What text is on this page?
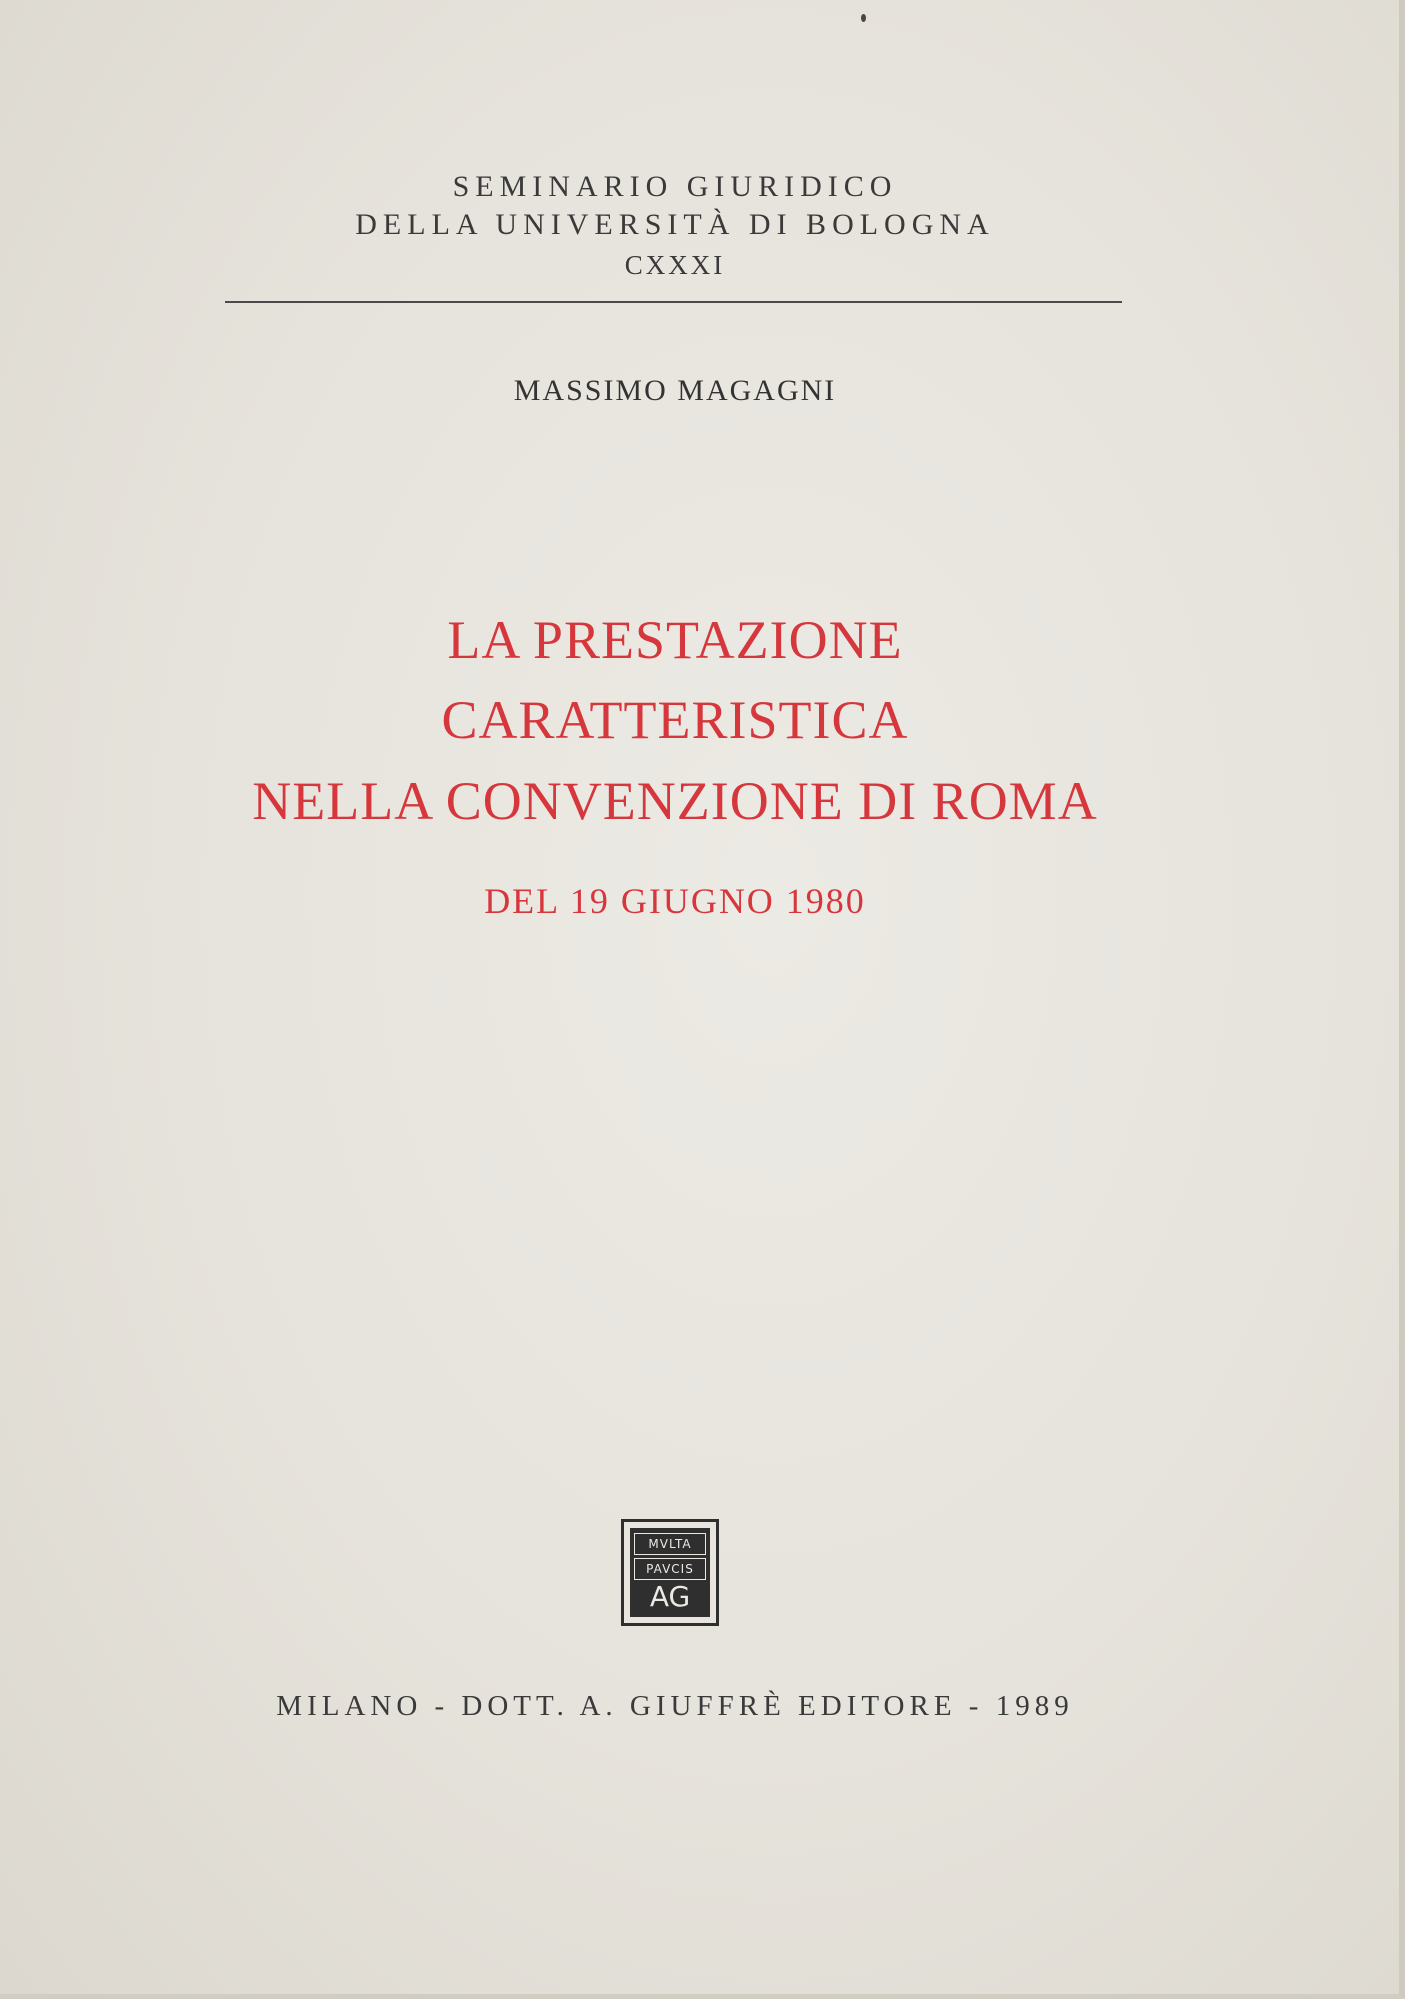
SEMINARIO GIURIDICO
DELLA UNIVERSITÀ DI BOLOGNA
CXXXI
MASSIMO MAGAGNI
LA PRESTAZIONE
CARATTERISTICA
NELLA CONVENZIONE DI ROMA
DEL 19 GIUGNO 1980
MVLTA
PAVCIS
AG
MILANO - DOTT. A. GIUFFRÈ EDITORE - 1989
